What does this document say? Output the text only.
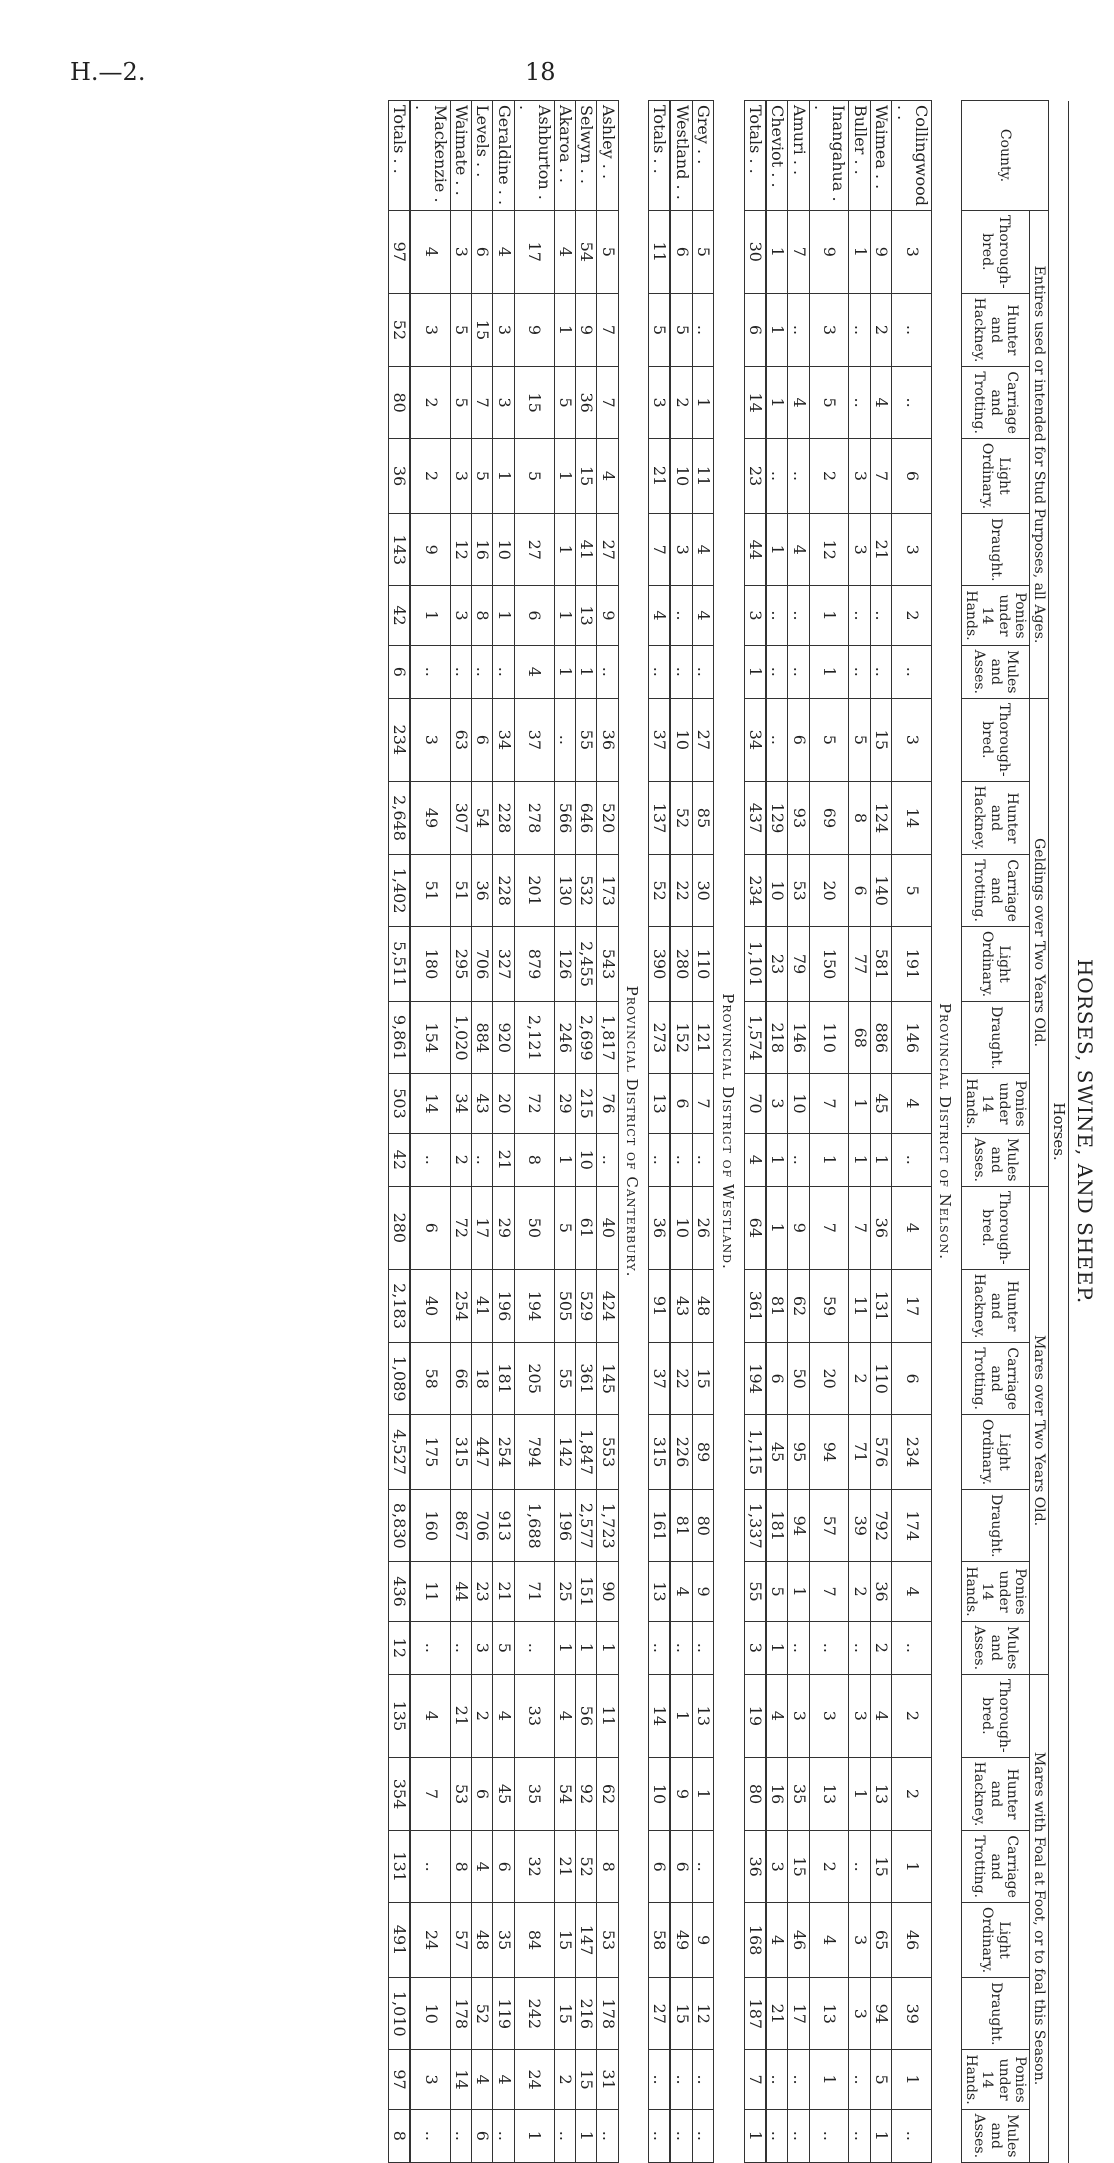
H.—2.	18
HORSES, SWINE, AND SHEEP.																												
Horses.																												
County.	Entires used or intended for Stud Purposes, all Ages.							Geldings over Two Years Old.							Mares over Two Years Old.							Mares with Foal at Foot, or to foal this Season.						
	Thorough-bred.	Hunter and Hackney.	Carriage and Trotting.	Light Ordinary.	Draught.	Ponies under 14 Hands.	Mules and Asses.	Thorough-bred.	Hunter and Hackney.	Carriage and Trotting.	Light Ordinary.	Draught.	Ponies under 14 Hands.	Mules and Asses.	Thorough-bred.	Hunter and Hackney.	Carriage and Trotting.	Light Ordinary.	Draught.	Ponies under 14 Hands.	Mules and Asses.	Thorough-bred.	Hunter and Hackney.	Carriage and Trotting.	Light Ordinary.	Draught.	Ponies under 14 Hands.	Mules and Asses.
Provincial District of Nelson.																												
Collingwood . .	3	..	..	6	3	2	..	3	14	5	191	146	4	..	4	17	6	234	174	4	..	2	2	1	46	39	1	..
Waimea . .	9	2	4	7	21	..	..	15	124	140	581	886	45	1	36	131	110	576	792	36	2	4	13	15	65	94	5	1
Buller . .	1	..	..	3	3	..	..	5	8	6	77	68	1	1	7	11	2	71	39	2	..	3	1	..	3	3	..	..
Inangahua . .	9	3	5	2	12	1	1	5	69	20	150	110	7	1	7	59	20	94	57	7	..	3	13	2	4	13	1	..
Amuri . .	7	..	4	..	4	..	..	6	93	53	79	146	10	..	9	62	50	95	94	1	..	3	35	15	46	17	..	..
Cheviot . .	1	1	1	..	1	..	..	..	129	10	23	218	3	1	1	81	6	45	181	5	1	4	16	3	4	21	..	..
Totals . .	30	6	14	23	44	3	1	34	437	234	1,101	1,574	70	4	64	361	194	1,115	1,337	55	3	19	80	36	168	187	7	1
Provincial District of Westland.																												
Grey . .	5	..	1	11	4	4	..	27	85	30	110	121	7	..	26	48	15	89	80	9	..	13	1	..	9	12	..	..
Westland . .	6	5	2	10	3	..	..	10	52	22	280	152	6	..	10	43	22	226	81	4	..	1	9	6	49	15	..	..
Totals . .	11	5	3	21	7	4	..	37	137	52	390	273	13	..	36	91	37	315	161	13	..	14	10	6	58	27	..	..
Provincial District of Canterbury.																												
Ashley . .	5	7	7	4	27	9	..	36	520	173	543	1,817	76	..	40	424	145	553	1,723	90	1	11	62	8	53	178	31	..
Selwyn . .	54	9	36	15	41	13	1	55	646	532	2,455	2,699	215	10	61	529	361	1,847	2,577	151	1	56	92	52	147	216	15	1
Akaroa . .	4	1	5	1	1	1	1	..	566	130	126	246	29	1	5	505	55	142	196	25	1	4	54	21	15	15	2	..
Ashburton . .	17	9	15	5	27	6	4	37	278	201	879	2,121	72	8	50	194	205	794	1,688	71	..	33	35	32	84	242	24	1
Geraldine . .	4	3	3	1	10	1	..	34	228	228	327	920	20	21	29	196	181	254	913	21	5	4	45	6	35	119	4	..
Levels . .	6	15	7	5	16	8	..	6	54	36	706	884	43	..	17	41	18	447	706	23	3	2	6	4	48	52	4	6
Waimate . .	3	5	5	3	12	3	..	63	307	51	295	1,020	34	2	72	254	66	315	867	44	..	21	53	8	57	178	14	..
Mackenzie . .	4	3	2	2	9	1	..	3	49	51	180	154	14	..	6	40	58	175	160	11	..	4	7	..	24	10	3	..
Totals . .	97	52	80	36	143	42	6	234	2,648	1,402	5,511	9,861	503	42	280	2,183	1,089	4,527	8,830	436	12	135	354	131	491	1,010	97	8
